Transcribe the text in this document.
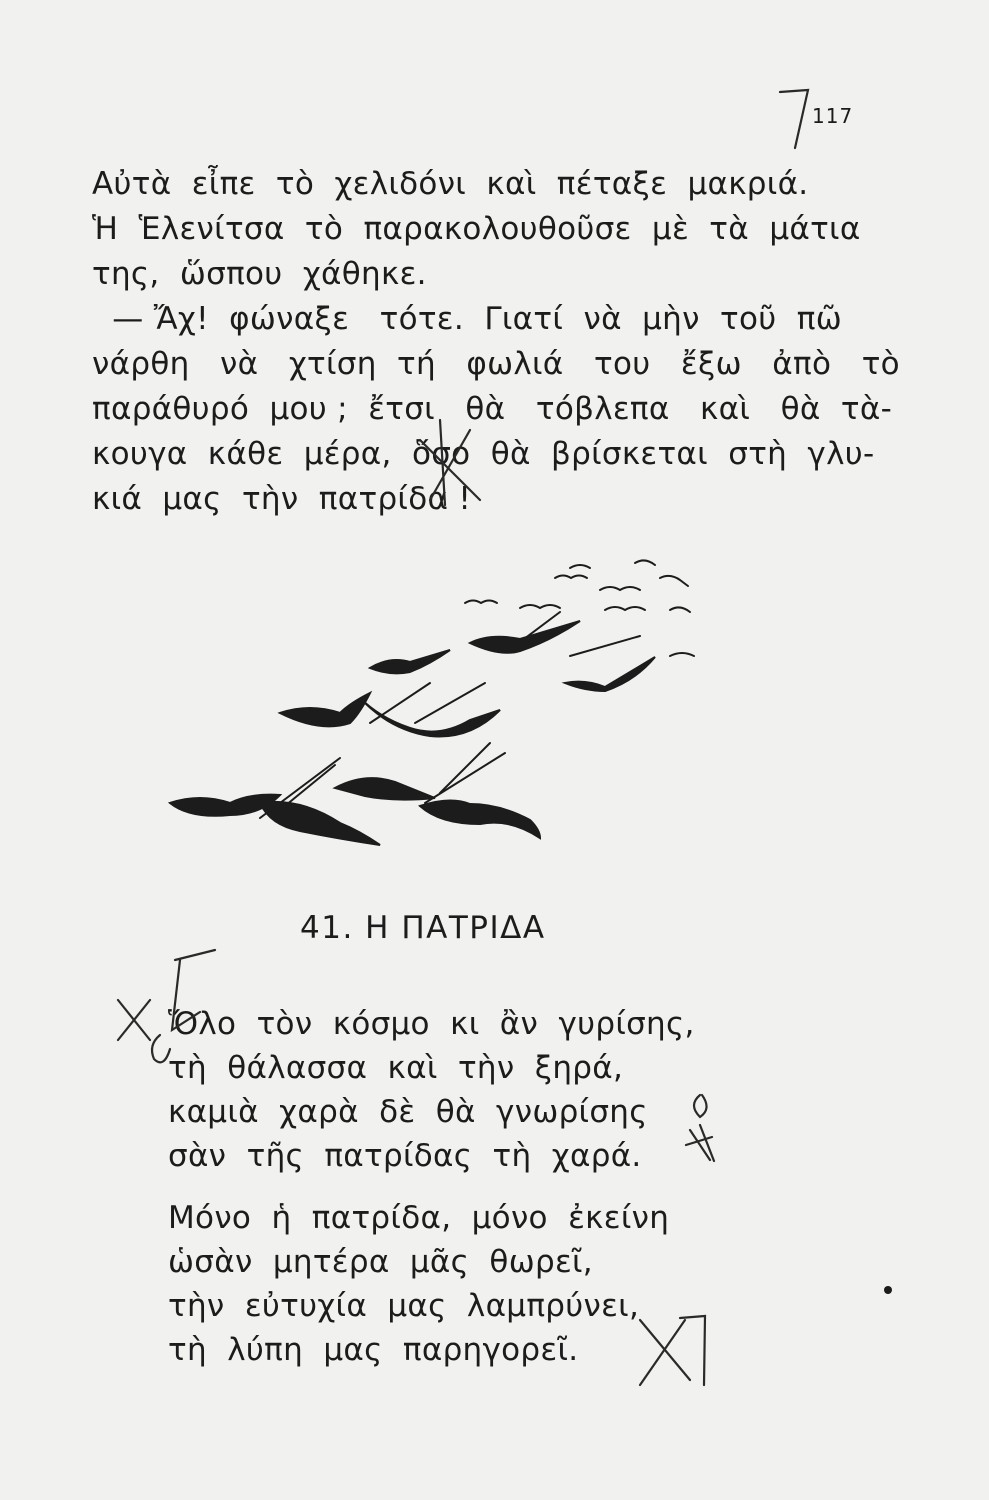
117
Αὐτὰ  εἶπε  τὸ  χελιδόνι  καὶ  πέταξε  μακριά.
Ἡ  Ἑλενίτσα  τὸ  παρακολουθοῦσε  μὲ  τὰ  μάτια
της,  ὥσπου  χάθηκε.
— Ἄχ!  φώναξε   τότε.  Γιατί  νὰ  μὴν  τοῦ  πῶ
νάρθη   νὰ   χτίση  τή   φωλιά   του   ἔξω   ἀπὸ   τὸ
παράθυρό  μου ;  ἔτσι   θὰ   τόβλεπα   καὶ   θὰ  τὰ-
κουγα  κάθε  μέρα,  ὅσο  θὰ  βρίσκεται  στὴ  γλυ-
κιά  μας  τὴν  πατρίδα !
41. Η ΠΑΤΡΙΔΑ
Ὅλο  τὸν  κόσμο  κι  ἂν  γυρίσης,
τὴ  θάλασσα  καὶ  τὴν  ξηρά,
καμιὰ  χαρὰ  δὲ  θὰ  γνωρίσης
σὰν  τῆς  πατρίδας  τὴ  χαρά.
Μόνο  ἡ  πατρίδα,  μόνο  ἐκείνη
ὡσὰν  μητέρα  μᾶς  θωρεῖ,
τὴν  εὐτυχία  μας  λαμπρύνει,
τὴ  λύπη  μας  παρηγορεῖ.
